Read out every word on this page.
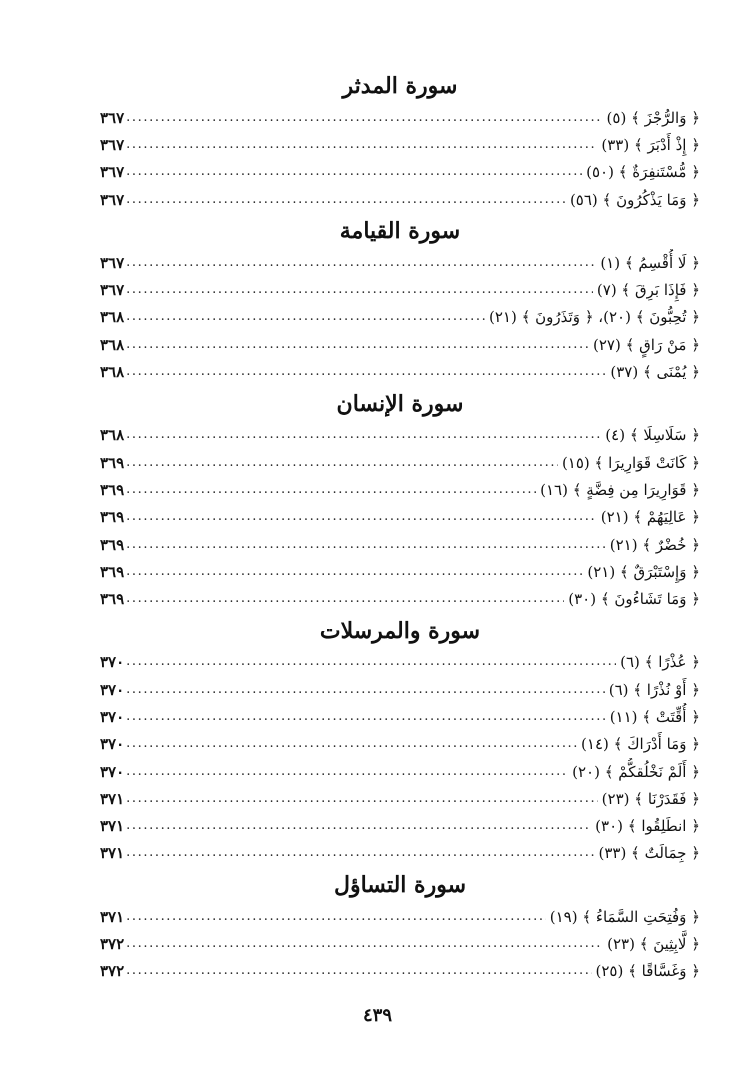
سورة المدثر
﴿ وَالرُّجْزَ ﴾ (٥)
.....
٣٦٧
﴿ إِذْ أَدْبَرَ ﴾ (٣٣)
.....
٣٦٧
﴿ مُّسْتَنفِرَةٌ ﴾ (٥٠)
.....
٣٦٧
﴿ وَمَا يَذْكُرُونَ ﴾ (٥٦)
.....
٣٦٧
سورة القيامة
﴿ لَا أُقْسِمُ ﴾ (١)
.....
٣٦٧
﴿ فَإِذَا بَرِقَ ﴾ (٧)
.....
٣٦٧
﴿ تُحِبُّونَ ﴾ (٢٠)، ﴿ وَتَذَرُونَ ﴾ (٢١)
.....
٣٦٨
﴿ مَنْ رَاقٍ ﴾ (٢٧)
.....
٣٦٨
﴿ يُمْنَى ﴾ (٣٧)
.....
٣٦٨
سورة الإنسان
﴿ سَلَاسِلَا ﴾ (٤)
.....
٣٦٨
﴿ كَانَتْ قَوَارِيرَا ﴾ (١٥)
.....
٣٦٩
﴿ قَوَارِيرَا مِن فِضَّةٍ ﴾ (١٦)
.....
٣٦٩
﴿ عَالِيَهُمْ ﴾ (٢١)
.....
٣٦٩
﴿ خُضْرٌ ﴾ (٢١)
.....
٣٦٩
﴿ وَإِسْتَبْرَقٌ ﴾ (٢١)
.....
٣٦٩
﴿ وَمَا تَشَاءُونَ ﴾ (٣٠)
.....
٣٦٩
سورة والمرسلات
﴿ عُذْرًا ﴾ (٦)
.....
٣٧٠
﴿ أَوْ نُذْرًا ﴾ (٦)
.....
٣٧٠
﴿ أُقِّتَتْ ﴾ (١١)
.....
٣٧٠
﴿ وَمَا أَدْرَاكَ ﴾ (١٤)
.....
٣٧٠
﴿ أَلَمْ نَخْلُقكُّمْ ﴾ (٢٠)
.....
٣٧٠
﴿ فَقَدَرْنَا ﴾ (٢٣)
.....
٣٧١
﴿ انطَلِقُوا ﴾ (٣٠)
.....
٣٧١
﴿ جِمَالَتٌ ﴾ (٣٣)
.....
٣٧١
سورة التساؤل
﴿ وَفُتِحَتِ السَّمَاءُ ﴾ (١٩)
.....
٣٧١
﴿ لَّابِثِينَ ﴾ (٢٣)
.....
٣٧٢
﴿ وَغَسَّاقًا ﴾ (٢٥)
.....
٣٧٢
٤٣٩
